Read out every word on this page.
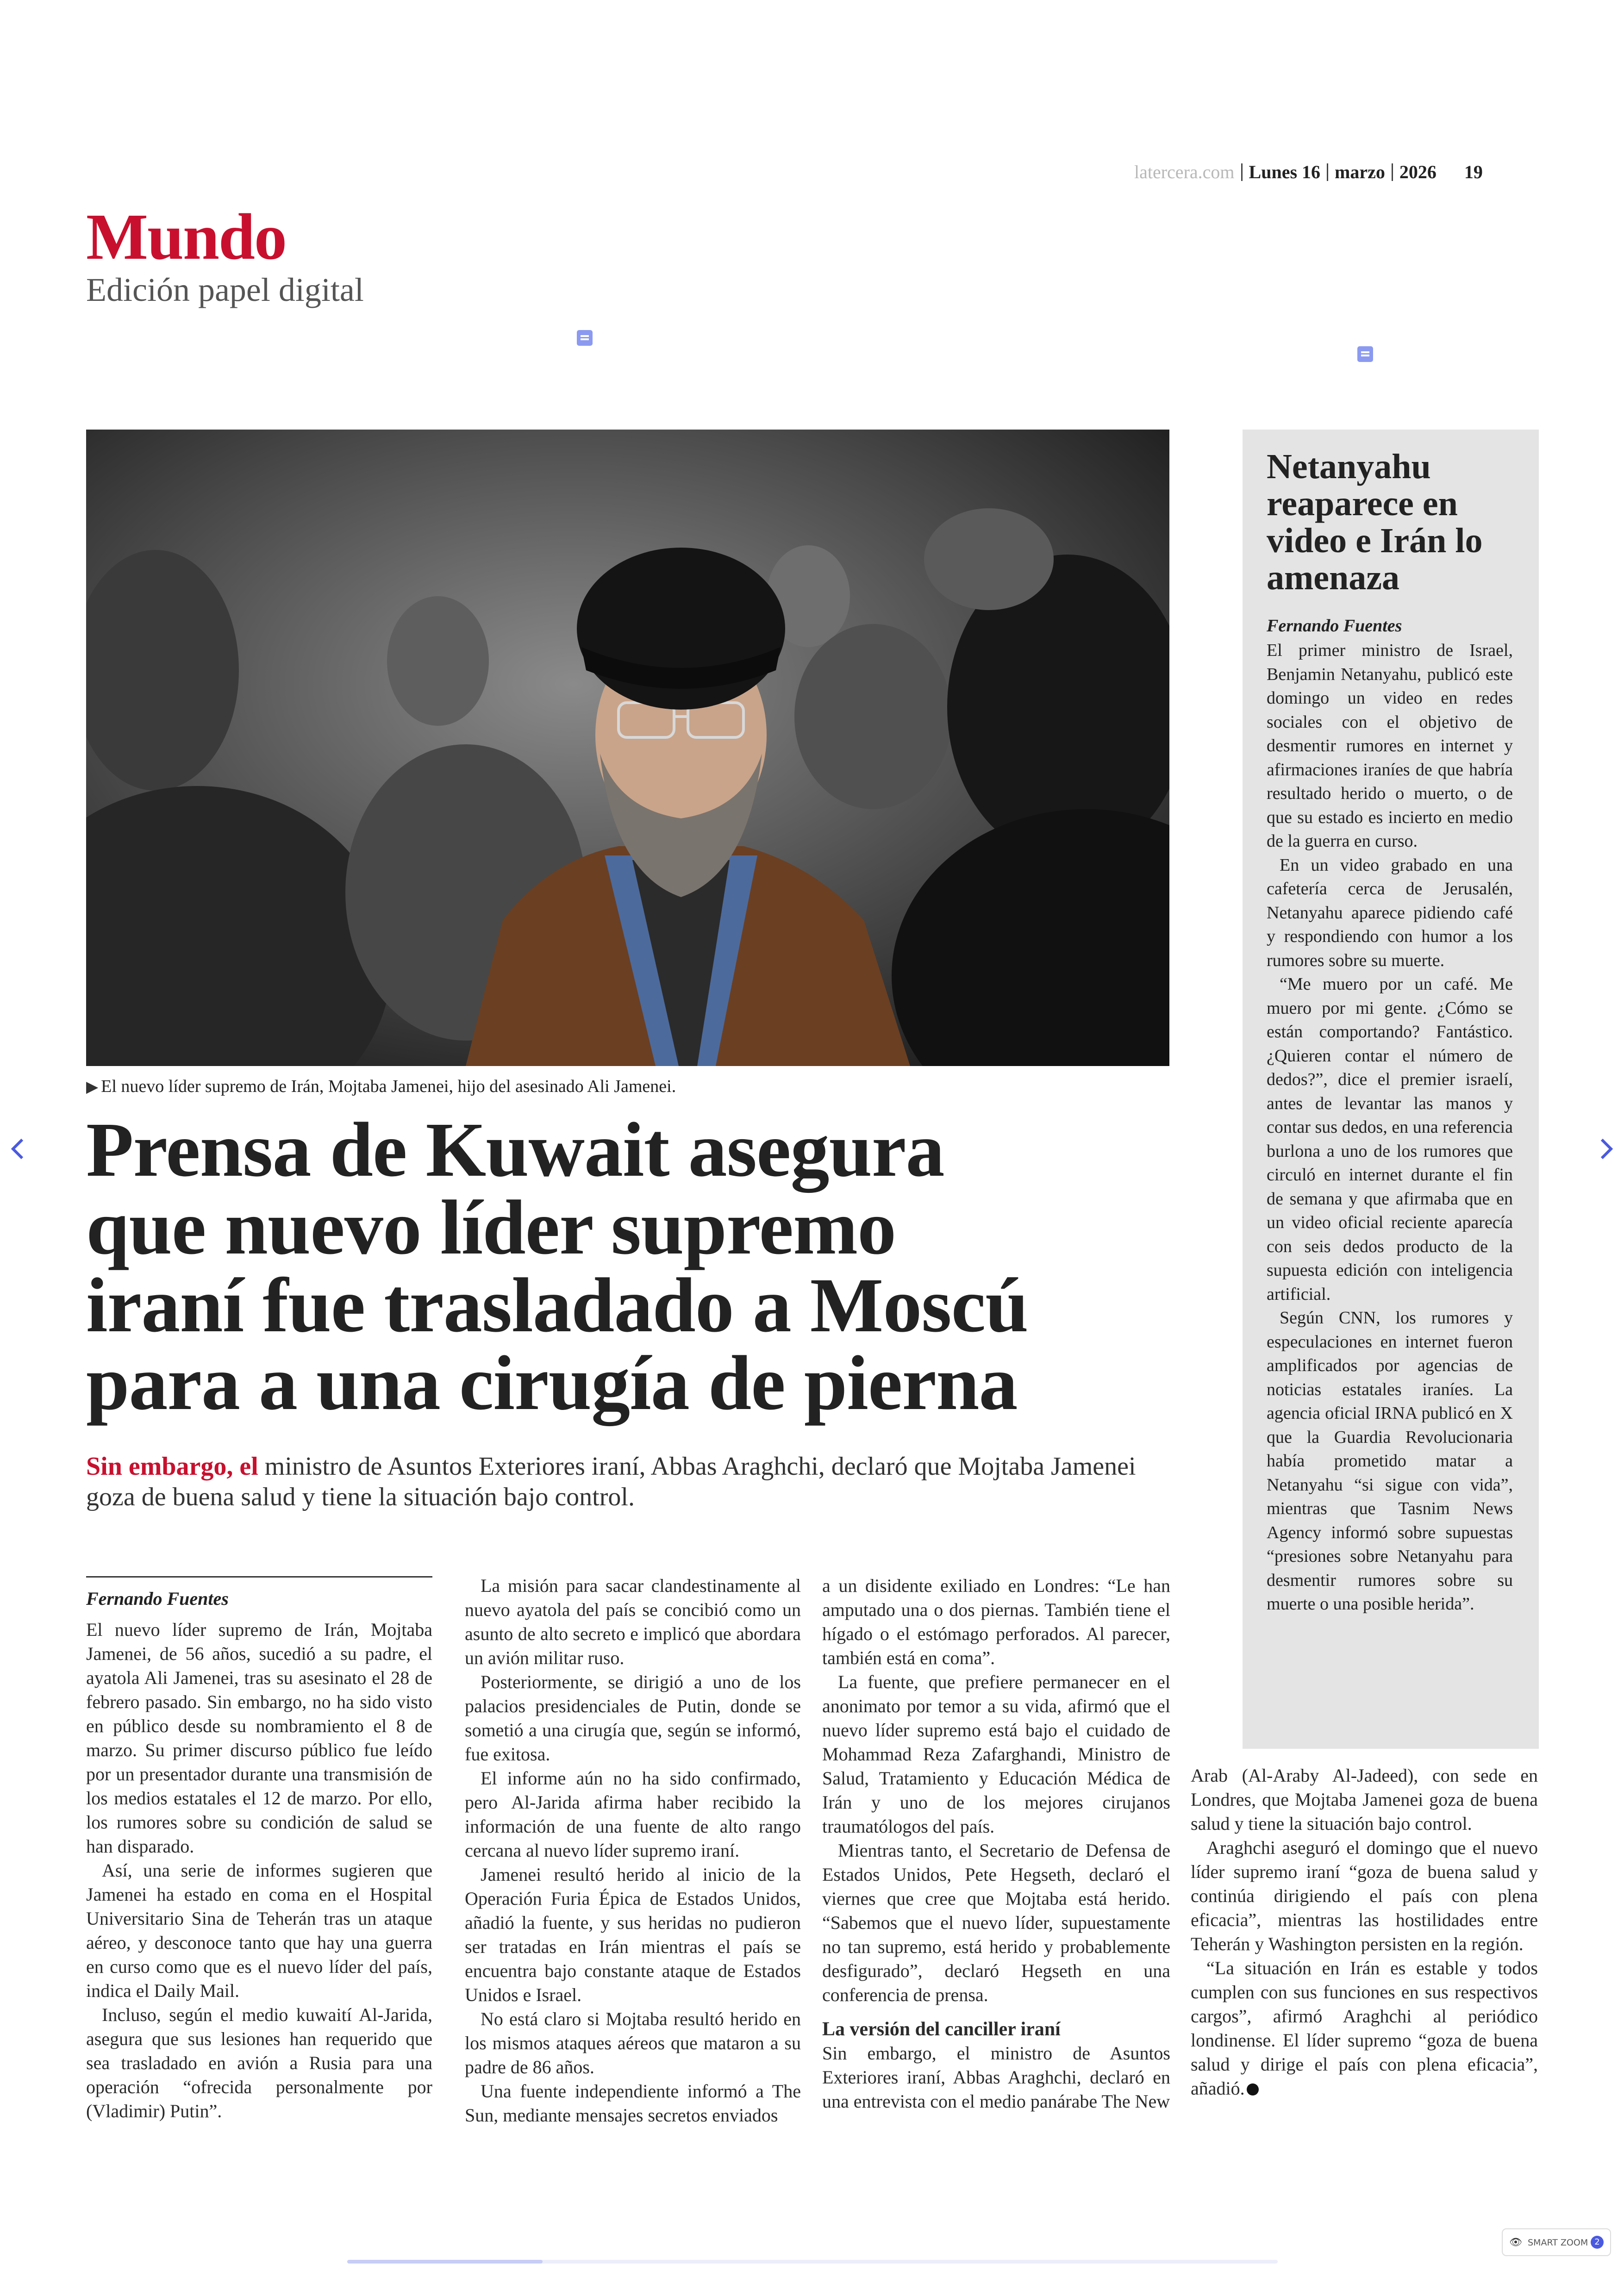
latercera.com Lunes 16 marzo 2026 19
Mundo
Edición papel digital
▶ El nuevo líder supremo de Irán, Mojtaba Jamenei, hijo del asesinado Ali Jamenei.
Prensa de Kuwait asegura
que nuevo líder supremo
iraní fue trasladado a Moscú
para a una cirugía de pierna
Sin embargo, el ministro de Asuntos Exteriores iraní, Abbas Araghchi, declaró que Mojtaba Jamenei goza de buena salud y tiene la situación bajo control.
Fernando Fuentes

El nuevo líder supremo de Irán, Mojtaba Jamenei, de 56 años, sucedió a su padre, el ayatola Ali Jamenei, tras su asesinato el 28 de febrero pasado. Sin embargo, no ha sido visto en público desde su nombramiento el 8 de marzo. Su primer discurso público fue leído por un presentador durante una transmisión de los medios estatales el 12 de marzo. Por ello, los rumores sobre su condición de salud se han disparado.

Así, una serie de informes sugieren que Jamenei ha estado en coma en el Hospital Universitario Sina de Teherán tras un ataque aéreo, y desconoce tanto que hay una guerra en curso como que es el nuevo líder del país, indica el Daily Mail.

Incluso, según el medio kuwaití Al-Jarida, asegura que sus lesiones han requerido que sea trasladado en avión a Rusia para una operación “ofrecida personalmente por (Vladimir) Putin”.

La misión para sacar clandestinamente al nuevo ayatola del país se concibió como un asunto de alto secreto e implicó que abordara un avión militar ruso.

Posteriormente, se dirigió a uno de los palacios presidenciales de Putin, donde se sometió a una cirugía que, según se informó, fue exitosa.

El informe aún no ha sido confirmado, pero Al-Jarida afirma haber recibido la información de una fuente de alto rango cercana al nuevo líder supremo iraní.

Jamenei resultó herido al inicio de la Operación Furia Épica de Estados Unidos, añadió la fuente, y sus heridas no pudieron ser tratadas en Irán mientras el país se encuentra bajo constante ataque de Estados Unidos e Israel.

No está claro si Mojtaba resultó herido en los mismos ataques aéreos que mataron a su padre de 86 años.

Una fuente independiente informó a The Sun, mediante mensajes secretos enviados

a un disidente exiliado en Londres: “Le han amputado una o dos piernas. También tiene el hígado o el estómago perforados. Al parecer, también está en coma”.

La fuente, que prefiere permanecer en el anonimato por temor a su vida, afirmó que el nuevo líder supremo está bajo el cuidado de Mohammad Reza Zafarghandi, Ministro de Salud, Tratamiento y Educación Médica de Irán y uno de los mejores cirujanos traumatólogos del país.

Mientras tanto, el Secretario de Defensa de Estados Unidos, Pete Hegseth, declaró el viernes que cree que Mojtaba está herido. “Sabemos que el nuevo líder, supuestamente no tan supremo, está herido y probablemente desfigurado”, declaró Hegseth en una conferencia de prensa.

La versión del canciller iraní

Sin embargo, el ministro de Asuntos Exteriores iraní, Abbas Araghchi, declaró en una entrevista con el medio panárabe The New

Arab (Al-Araby Al-Jadeed), con sede en Londres, que Mojtaba Jamenei goza de buena salud y tiene la situación bajo control.

Araghchi aseguró el domingo que el nuevo líder supremo iraní “goza de buena salud y continúa dirigiendo el país con plena eficacia”, mientras las hostilidades entre Teherán y Washington persisten en la región.

“La situación en Irán es estable y todos cumplen con sus funciones en sus respectivos cargos”, afirmó Araghchi al periódico londinense. El líder supremo “goza de buena salud y dirige el país con plena eficacia”, añadió.

Netanyahu reaparece en video e Irán lo amenaza
Fernando Fuentes

El primer ministro de Israel, Benjamin Netanyahu, publicó este domingo un video en redes sociales con el objetivo de desmentir rumores en internet y afirmaciones iraníes de que habría resultado herido o muerto, o de que su estado es incierto en medio de la guerra en curso.

En un video grabado en una cafetería cerca de Jerusalén, Netanyahu aparece pidiendo café y respondiendo con humor a los rumores sobre su muerte.

“Me muero por un café. Me muero por mi gente. ¿Cómo se están comportando? Fantástico. ¿Quieren contar el número de dedos?”, dice el premier israelí, antes de levantar las manos y contar sus dedos, en una referencia burlona a uno de los rumores que circuló en internet durante el fin de semana y que afirmaba que en un video oficial reciente aparecía con seis dedos producto de la supuesta edición con inteligencia artificial.

Según CNN, los rumores y especulaciones en internet fueron amplificados por agencias de noticias estatales iraníes. La agencia oficial IRNA publicó en X que la Guardia Revolucionaria había prometido matar a Netanyahu “si sigue con vida”, mientras que Tasnim News Agency informó sobre supuestas “presiones sobre Netanyahu para desmentir rumores sobre su muerte o una posible herida”.

👁 SMART ZOOM 2
